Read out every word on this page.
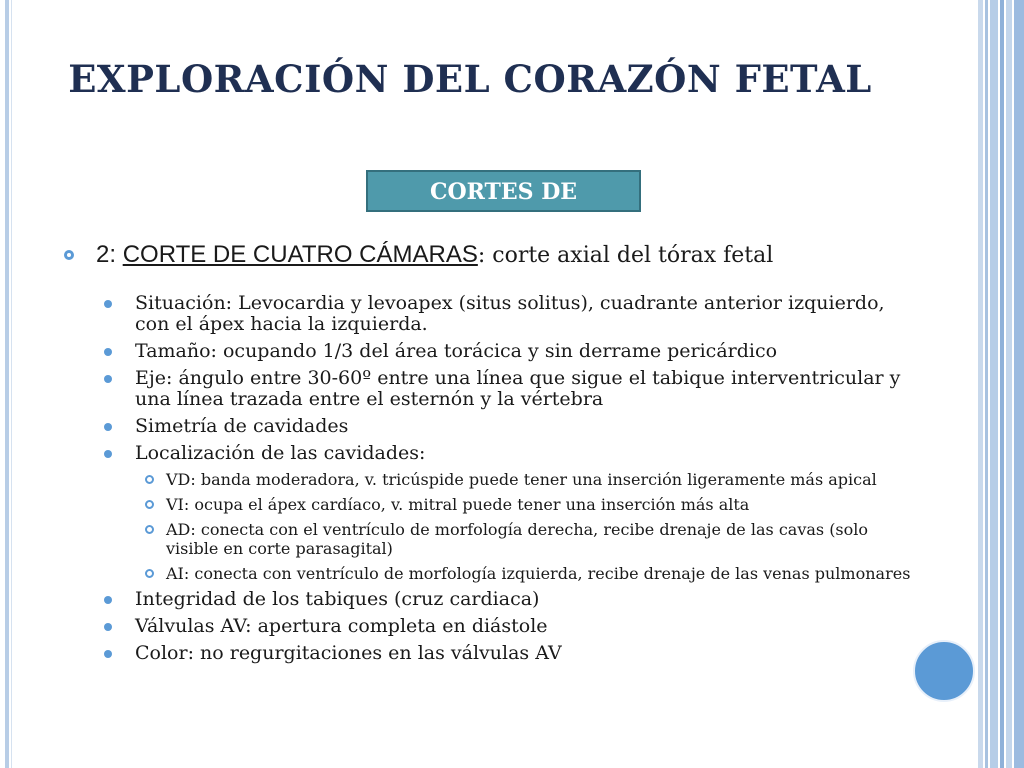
EXPLORACIÓN DEL CORAZÓN FETAL
CORTES DE
2: CORTE DE CUATRO CÁMARAS: corte axial del tórax fetal
Situación: Levocardia y levoapex (situs solitus), cuadrante anterior izquierdo, con el ápex hacia la izquierda.
Tamaño: ocupando 1/3 del área torácica y sin derrame pericárdico
Eje: ángulo entre 30-60º entre una línea que sigue el tabique interventricular y una línea trazada entre el esternón y la vértebra
Simetría de cavidades
Localización de las cavidades:
VD: banda moderadora, v. tricúspide puede tener una inserción ligeramente más apical
VI: ocupa el ápex cardíaco, v. mitral puede tener una inserción más alta
AD: conecta con el ventrículo de morfología derecha, recibe drenaje de las cavas (solo visible en corte parasagital)
AI: conecta con ventrículo de morfología izquierda, recibe drenaje de las venas pulmonares
Integridad de los tabiques (cruz cardiaca)
Válvulas AV: apertura completa en diástole
Color: no regurgitaciones en las válvulas AV
